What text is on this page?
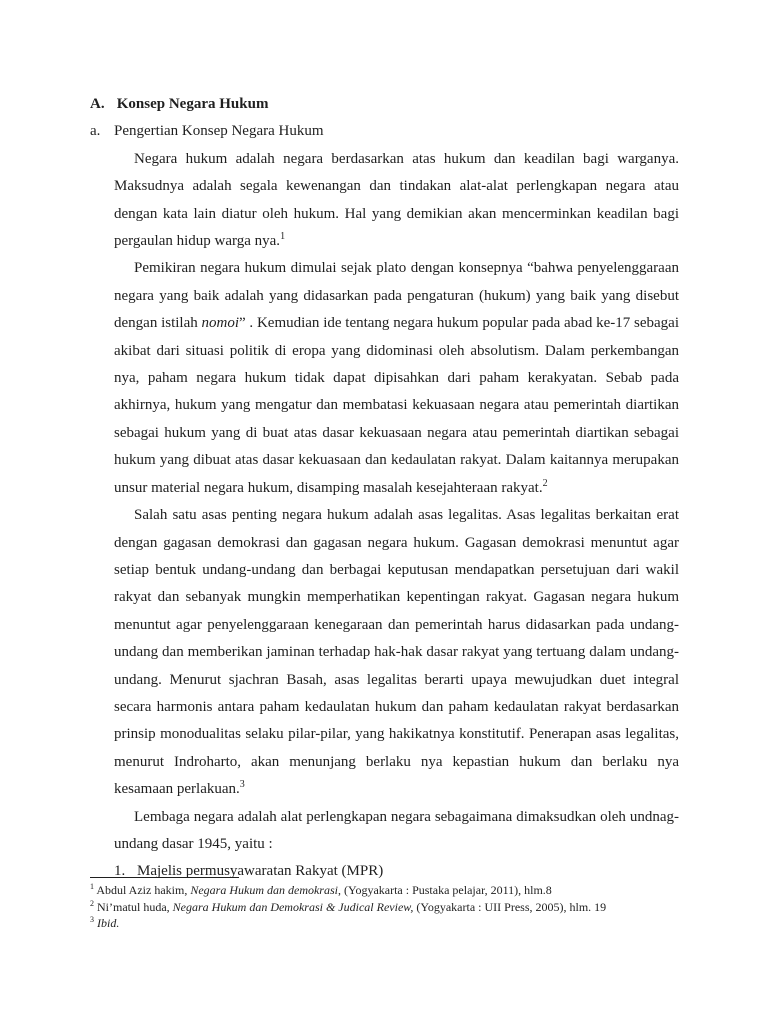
A. Konsep Negara Hukum

a. Pengertian Konsep Negara Hukum

Negara hukum adalah negara berdasarkan atas hukum dan keadilan bagi warganya. Maksudnya adalah segala kewenangan dan tindakan alat-alat perlengkapan negara atau dengan kata lain diatur oleh hukum. Hal yang demikian akan mencerminkan keadilan bagi pergaulan hidup warga nya.$^1$

Pemikiran negara hukum dimulai sejak plato dengan konsepnya “bahwa penyelenggaraan negara yang baik adalah yang didasarkan pada pengaturan (hukum) yang baik yang disebut dengan istilah nomoi” . Kemudian ide tentang negara hukum popular pada abad ke-17 sebagai akibat dari situasi politik di eropa yang didominasi oleh absolutism. Dalam perkembangan nya, paham negara hukum tidak dapat dipisahkan dari paham kerakyatan. Sebab pada akhirnya, hukum yang mengatur dan membatasi kekuasaan negara atau pemerintah diartikan sebagai hukum yang di buat atas dasar kekuasaan negara atau pemerintah diartikan sebagai hukum yang dibuat atas dasar kekuasaan dan kedaulatan rakyat. Dalam kaitannya merupakan unsur material negara hukum, disamping masalah kesejahteraan rakyat.$^2$

Salah satu asas penting negara hukum adalah asas legalitas. Asas legalitas berkaitan erat dengan gagasan demokrasi dan gagasan negara hukum. Gagasan demokrasi menuntut agar setiap bentuk undang-undang dan berbagai keputusan mendapatkan persetujuan dari wakil rakyat dan sebanyak mungkin memperhatikan kepentingan rakyat. Gagasan negara hukum menuntut agar penyelenggaraan kenegaraan dan pemerintah harus didasarkan pada undang-undang dan memberikan jaminan terhadap hak-hak dasar rakyat yang tertuang dalam undang-undang. Menurut sjachran Basah, asas legalitas berarti upaya mewujudkan duet integral secara harmonis antara paham kedaulatan hukum dan paham kedaulatan rakyat berdasarkan prinsip monodualitas selaku pilar-pilar, yang hakikatnya konstitutif. Penerapan asas legalitas, menurut Indroharto, akan menunjang berlaku nya kepastian hukum dan berlaku nya kesamaan perlakuan.$^3$

Lembaga negara adalah alat perlengkapan negara sebagaimana dimaksudkan oleh undnag-undang dasar 1945, yaitu :

1. Majelis permusyawaratan Rakyat (MPR)

$^1$ Abdul Aziz hakim, Negara Hukum dan demokrasi, (Yogyakarta : Pustaka pelajar, 2011), hlm.8

$^2$ Ni’matul huda, Negara Hukum dan Demokrasi & Judical Review, (Yogyakarta : UII Press, 2005), hlm. 19

$^3$ Ibid.
